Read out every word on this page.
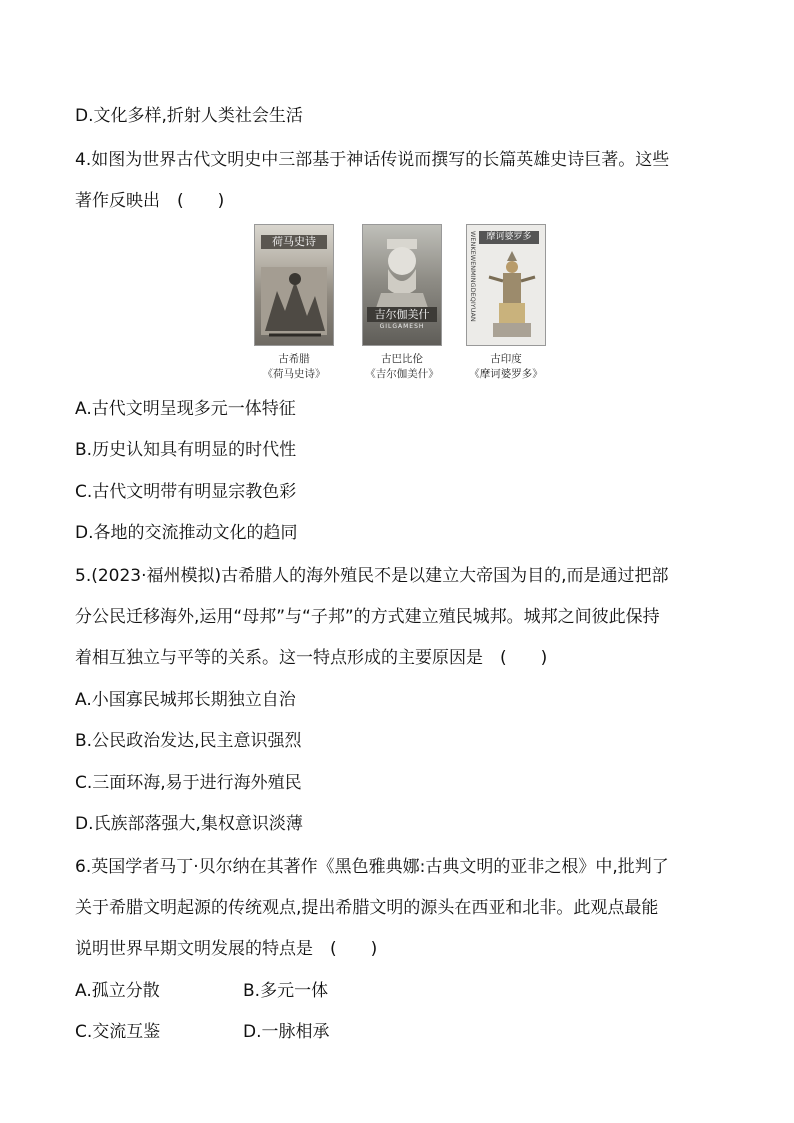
D.文化多样,折射人类社会生活
4.如图为世界古代文明史中三部基于神话传说而撰写的长篇英雄史诗巨著。这些
著作反映出　(　　)
荷马史诗
古希腊
《荷马史诗》
吉尔伽美什
GILGAMESH
古巴比伦
《吉尔伽美什》
摩诃婆罗多
WENKEWENMINGDEQIYUAN
古印度
《摩诃婆罗多》
A.古代文明呈现多元一体特征
B.历史认知具有明显的时代性
C.古代文明带有明显宗教色彩
D.各地的交流推动文化的趋同
5.(2023·福州模拟)古希腊人的海外殖民不是以建立大帝国为目的,而是通过把部
分公民迁移海外,运用“母邦”与“子邦”的方式建立殖民城邦。城邦之间彼此保持
着相互独立与平等的关系。这一特点形成的主要原因是　(　　)
A.小国寡民城邦长期独立自治
B.公民政治发达,民主意识强烈
C.三面环海,易于进行海外殖民
D.氏族部落强大,集权意识淡薄
6.英国学者马丁·贝尔纳在其著作《黑色雅典娜:古典文明的亚非之根》中,批判了
关于希腊文明起源的传统观点,提出希腊文明的源头在西亚和北非。此观点最能
说明世界早期文明发展的特点是　(　　)
A.孤立分散	B.多元一体
C.交流互鉴	D.一脉相承
